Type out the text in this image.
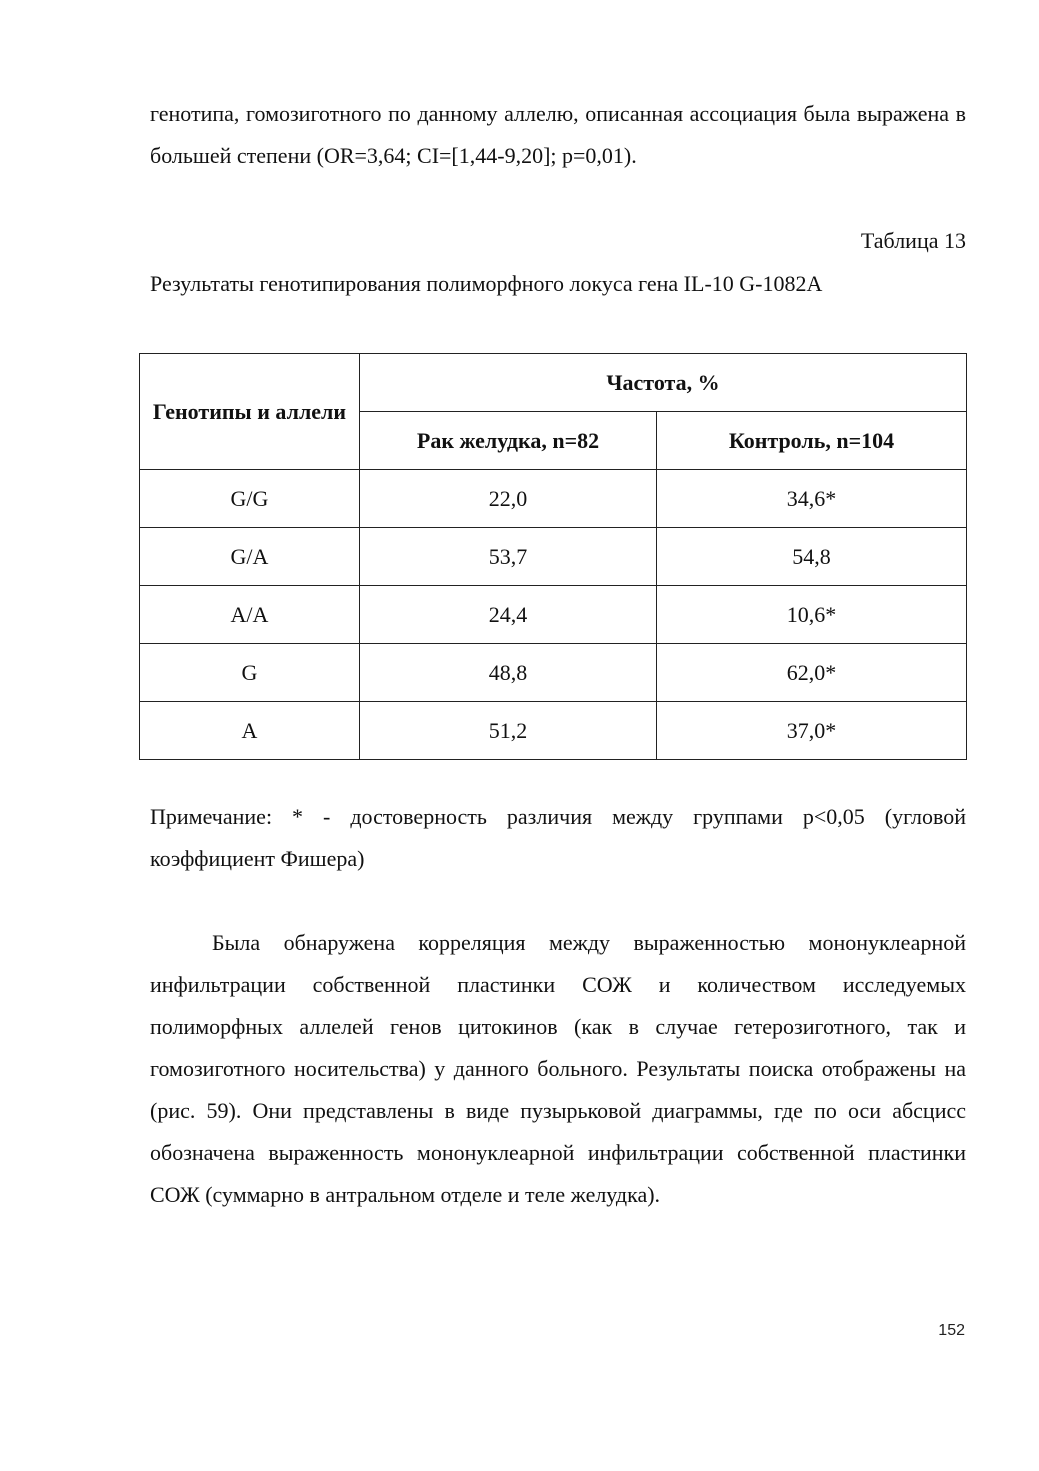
генотипа, гомозиготного по данному аллелю, описанная ассоциация была выражена в большей степени (OR=3,64; CI=[1,44-9,20]; p=0,01).

Таблица 13
Результаты генотипирования полиморфного локуса гена IL-10 G-1082A
Генотипы и аллели	Частота, %	
	Рак желудка, n=82	Контроль, n=104
G/G	22,0	34,6*
G/A	53,7	54,8
A/A	24,4	10,6*
G	48,8	62,0*
A	51,2	37,0*

Примечание: * - достоверность различия между группами p<0,05 (угловой коэффициент Фишера)

Была обнаружена корреляция между выраженностью мононуклеарной инфильтрации собственной пластинки СОЖ и количеством исследуемых полиморфных аллелей генов цитокинов (как в случае гетерозиготного, так и гомозиготного носительства) у данного больного. Результаты поиска отображены на (рис. 59). Они представлены в виде пузырьковой диаграммы, где по оси абсцисс обозначена выраженность мононуклеарной инфильтрации собственной пластинки СОЖ (суммарно в антральном отделе и теле желудка).

152
